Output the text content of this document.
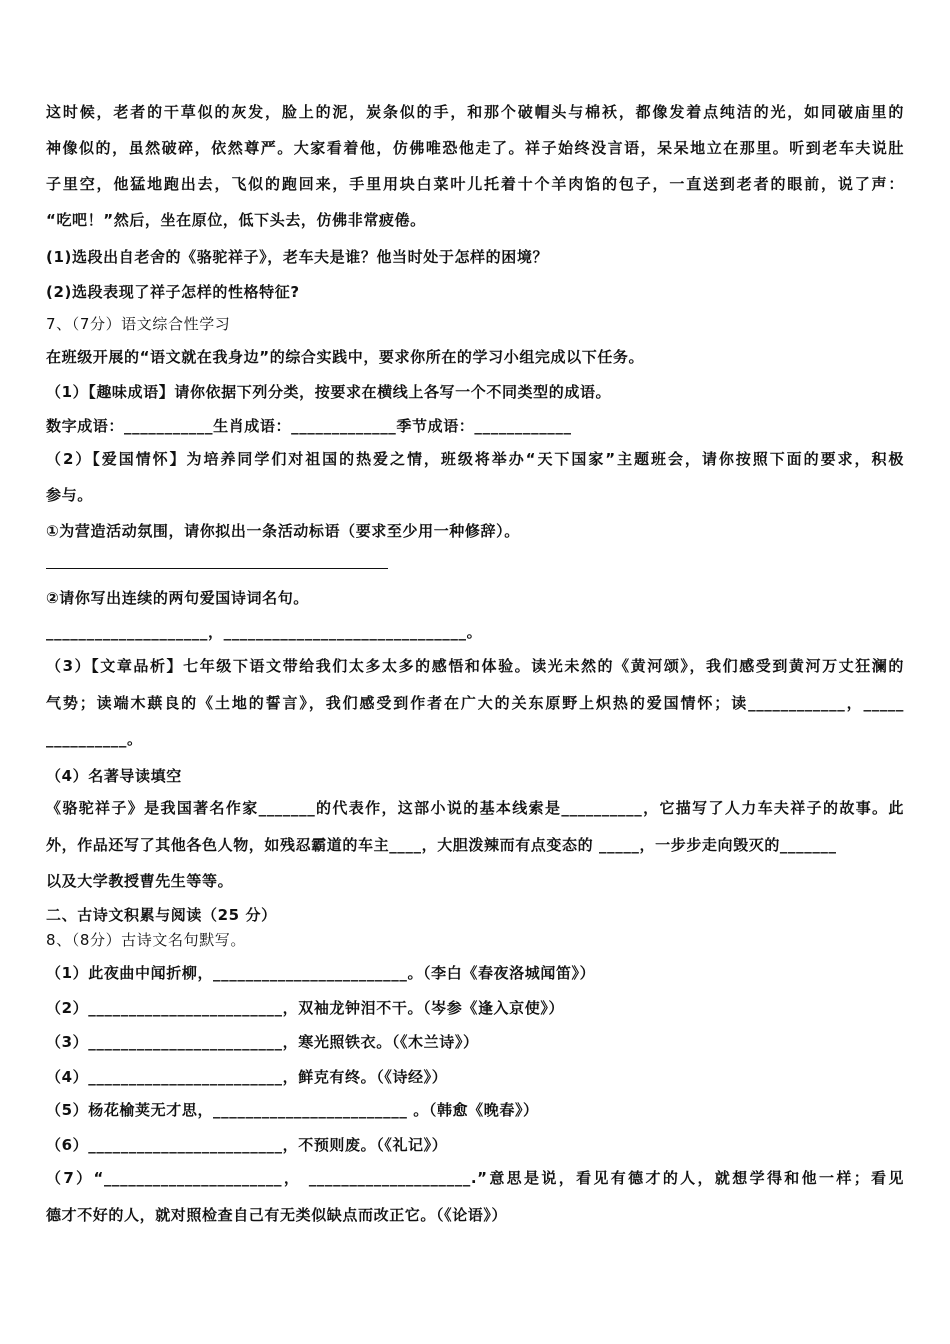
这时候，老者的干草似的灰发，脸上的泥，炭条似的手，和那个破帽头与棉袄，都像发着点纯洁的光，如同破庙里的
神像似的，虽然破碎，依然尊严。大家看着他，仿佛唯恐他走了。祥子始终没言语，呆呆地立在那里。听到老车夫说肚
子里空，他猛地跑出去，飞似的跑回来，手里用块白菜叶儿托着十个羊肉馅的包子，一直送到老者的眼前，说了声：
“吃吧！”然后，坐在原位，低下头去，仿佛非常疲倦。
(1)选段出自老舍的《骆驼祥子》，老车夫是谁？他当时处于怎样的困境？
(2)选段表现了祥子怎样的性格特征?
7、（7分）语文综合性学习
在班级开展的“语文就在我身边”的综合实践中，要求你所在的学习小组完成以下任务。
（1）【趣味成语】请你依据下列分类，按要求在横线上各写一个不同类型的成语。
数字成语：___________生肖成语：_____________季节成语：____________
（2）【爱国情怀】为培养同学们对祖国的热爱之情，班级将举办“天下国家”主题班会，请你按照下面的要求，积极
参与。
①为营造活动氛围，请你拟出一条活动标语（要求至少用一种修辞）。
②请你写出连续的两句爱国诗词名句。
____________________，______________________________。
（3）【文章品析】七年级下语文带给我们太多太多的感悟和体验。读光未然的《黄河颂》，我们感受到黄河万丈狂澜的
气势；读端木蕻良的《土地的誓言》，我们感受到作者在广大的关东原野上炽热的爱国情怀；读____________，_____
__________。
（4）名著导读填空
《骆驼祥子》是我国著名作家_______的代表作，这部小说的基本线索是__________，它描写了人力车夫祥子的故事。此
外，作品还写了其他各色人物，如残忍霸道的车主____，大胆泼辣而有点变态的 _____，一步步走向毁灭的_______
以及大学教授曹先生等等。
二、古诗文积累与阅读（25 分）
8、（8分）古诗文名句默写。
（1）此夜曲中闻折柳，________________________。（李白《春夜洛城闻笛》）
（2）________________________，双袖龙钟泪不干。（岑参《逢入京使》）
（3）________________________，寒光照铁衣。（《木兰诗》）
（4）________________________，鲜克有终。（《诗经》）
（5）杨花榆荚无才思，________________________ 。（韩愈《晚春》）
（6）________________________，不预则废。（《礼记》）
（7）“______________________， ____________________.”意思是说，看见有德才的人，就想学得和他一样；看见
德才不好的人，就对照检查自己有无类似缺点而改正它。（《论语》）
